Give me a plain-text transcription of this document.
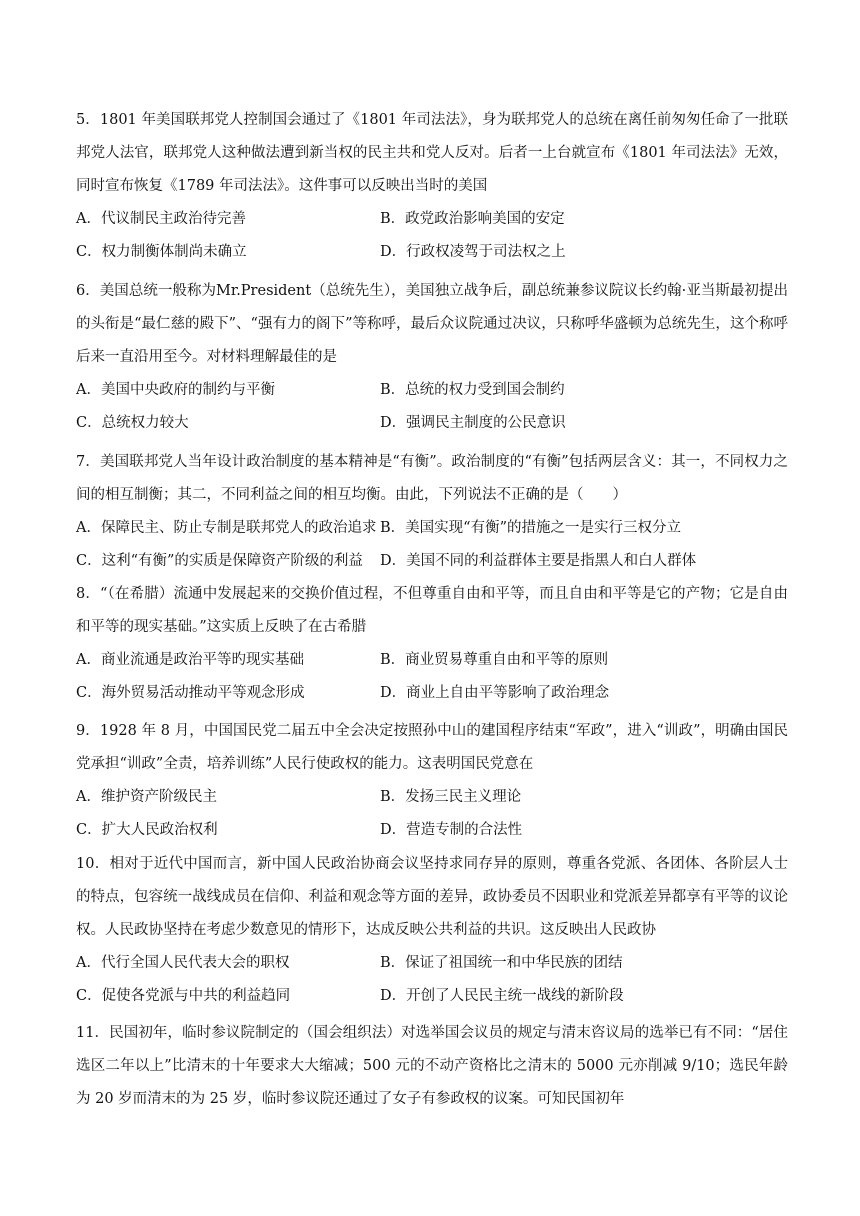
5．1801 年美国联邦党人控制国会通过了《1801 年司法法》，身为联邦党人的总统在离任前匆匆任命了一批联邦党人法官，联邦党人这种做法遭到新当权的民主共和党人反对。后者一上台就宣布《1801 年司法法》无效，同时宣布恢复《1789 年司法法》。这件事可以反映出当时的美国

A．代议制民主政治待完善	B．政党政治影响美国的安定
C．权力制衡体制尚未确立	D．行政权凌驾于司法权之上

6．美国总统一般称为Mr.President（总统先生），美国独立战争后，副总统兼参议院议长约翰·亚当斯最初提出的头衔是“最仁慈的殿下”、“强有力的阁下”等称呼，最后众议院通过决议，只称呼华盛顿为总统先生，这个称呼后来一直沿用至今。对材料理解最佳的是

A．美国中央政府的制约与平衡	B．总统的权力受到国会制约
C．总统权力较大	D．强调民主制度的公民意识

7．美国联邦党人当年设计政治制度的基本精神是“有衡”。政治制度的“有衡”包括两层含义：其一，不同权力之间的相互制衡；其二，不同利益之间的相互均衡。由此，下列说法不正确的是（　　）

A．保障民主、防止专制是联邦党人的政治追求 B．美国实现“有衡”的措施之一是实行三权分立
C．这利“有衡”的实质是保障资产阶级的利益	D．美国不同的利益群体主要是指黑人和白人群体

8．“（在希腊）流通中发展起来的交换价值过程，不但尊重自由和平等，而且自由和平等是它的产物；它是自由和平等的现实基础。”这实质上反映了在古希腊

A．商业流通是政治平等旳现实基础	B．商业贸易尊重自由和平等的原则
C．海外贸易活动推动平等观念形成	D．商业上自由平等影响了政治理念

9．1928 年 8 月，中国国民党二届五中全会决定按照孙中山的建国程序结束“军政”，进入“训政”，明确由国民党承担“训政”全责，培养训练”人民行使政权的能力。这表明国民党意在

A．维护资产阶级民主	B．发扬三民主义理论
C．扩大人民政治权利	D．营造专制的合法性

10．相对于近代中国而言，新中国人民政治协商会议坚持求同存异的原则，尊重各党派、各团体、各阶层人士的特点，包容统一战线成员在信仰、利益和观念等方面的差异，政协委员不因职业和党派差异都享有平等的议论权。人民政协坚持在考虑少数意见的情形下，达成反映公共利益的共识。这反映出人民政协

A．代行全国人民代表大会的职权	B．保证了祖国统一和中华民族的团结
C．促使各党派与中共的利益趋同	D．开创了人民民主统一战线的新阶段

11．民国初年，临时参议院制定的（国会组织法）对选举国会议员的规定与清末咨议局的选举已有不同：“居住选区二年以上”比清末的十年要求大大缩减；500 元的不动产资格比之清末的 5000 元亦削减 9/10；选民年龄为 20 岁而清末的为 25 岁，临时参议院还通过了女子有参政权的议案。可知民国初年
